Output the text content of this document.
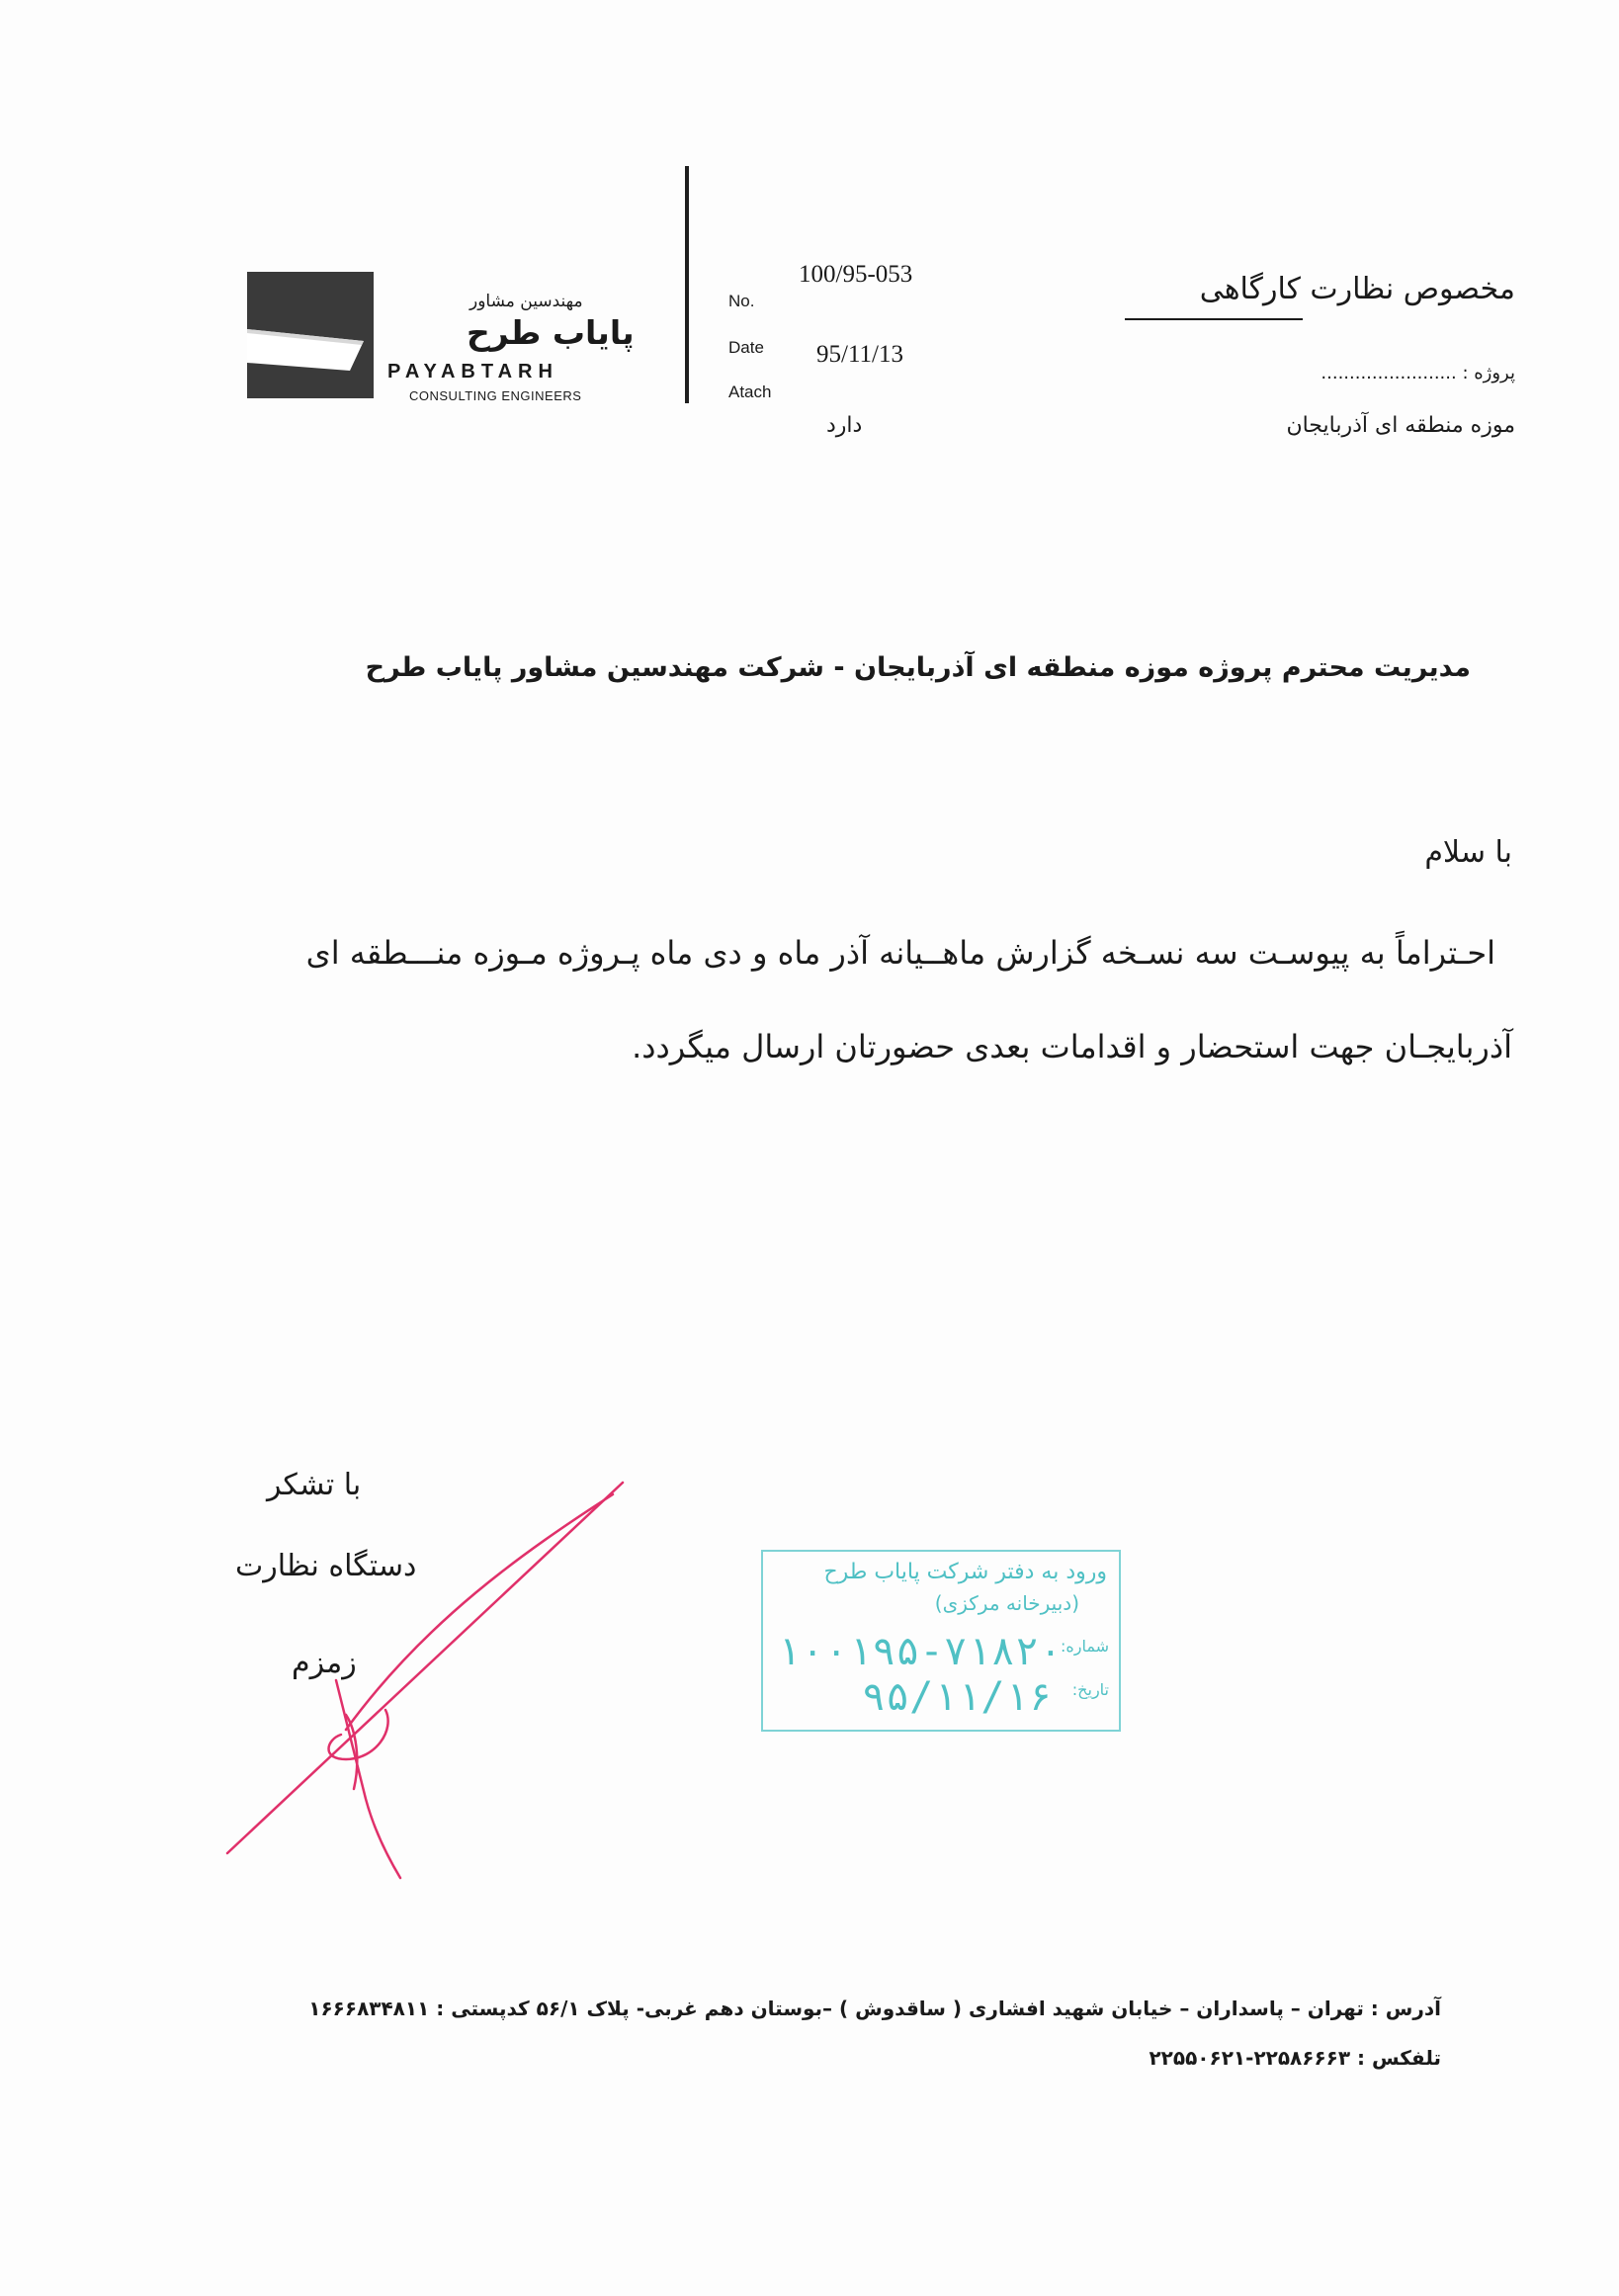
مهندسین مشاور
پایاب طرح
PAYABTARH
CONSULTING ENGINEERS
No.
100/95-053
Date 95/11/13
Atach
دارد
مخصوص نظارت کارگاهی
پروژه : ........................
موزه منطقه ای آذربایجان
مدیریت محترم پروژه موزه منطقه ای آذربایجان - شرکت مهندسین مشاور پایاب طرح
با سلام
احـتراماً به پیوسـت سه نسـخه گزارش ماهــیانه آذر ماه و دی ماه پـروژه مـوزه منـــطقه ای
آذربایجـان جهت استحضار و اقدامات بعدی حضورتان ارسال میگردد.
با تشکر
دستگاه نظارت
زمزم
ورود به دفتر شرکت پایاب طرح
(دبیرخانه مرکزی)
شماره:
۱۰۰۱۹۵-۷۱۸۲۰
تاریخ:
۹۵/۱۱/۱۶
آدرس : تهران – پاسداران – خیابان شهید افشاری ( ساقدوش ) –بوستان دهم غربی- پلاک ۵۶/۱ کدپستی : ۱۶۶۶۸۳۴۸۱۱
تلفکس : ۲۲۵۸۶۶۶۳-۲۲۵۵۰۶۲۱
